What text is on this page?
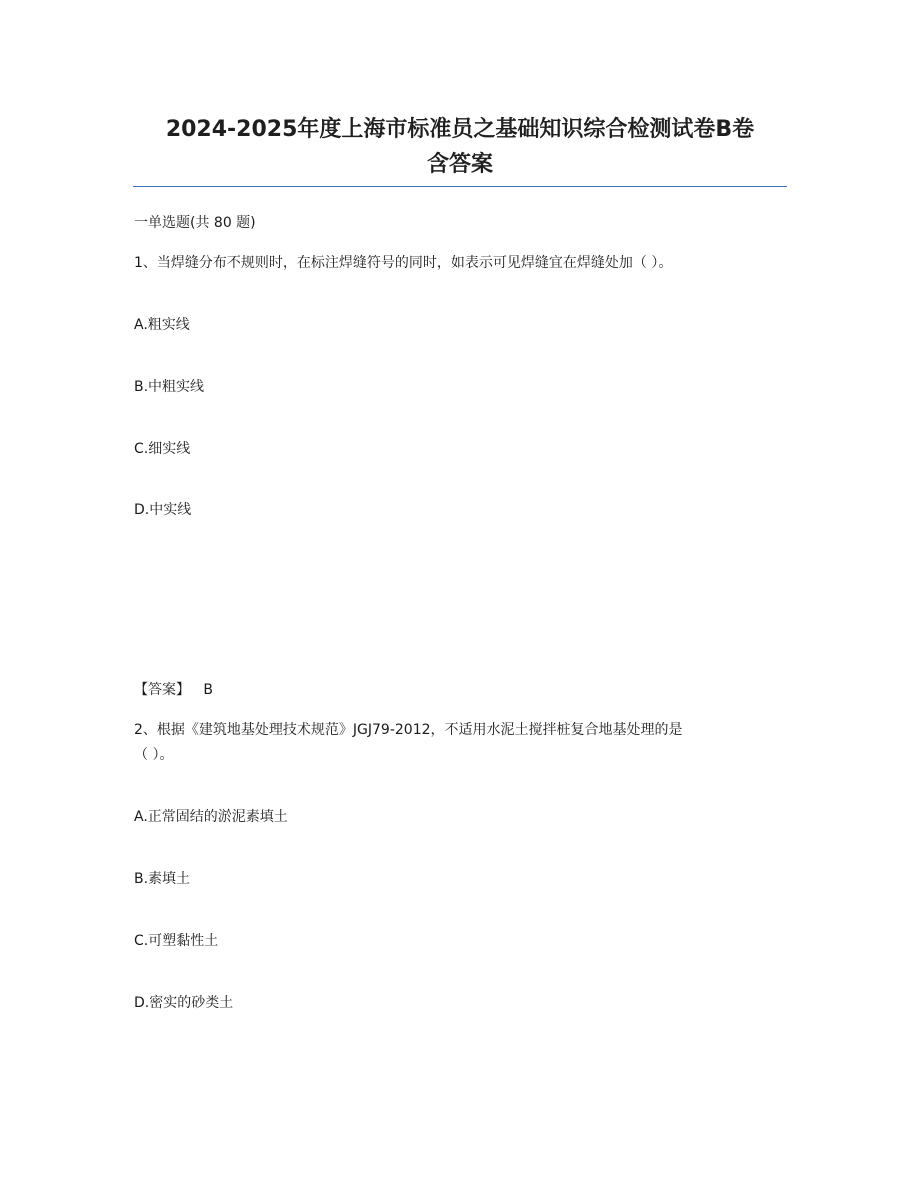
2024-2025年度上海市标准员之基础知识综合检测试卷B卷
含答案

一单选题(共 80 题)

1、当焊缝分布不规则时，在标注焊缝符号的同时，如表示可见焊缝宜在焊缝处加（ ）。

A.粗实线

B.中粗实线

C.细实线

D.中实线

【答案】 B

2、根据《建筑地基处理技术规范》JGJ79-2012，不适用水泥土搅拌桩复合地基处理的是

（ ）。

A.正常固结的淤泥素填土

B.素填土

C.可塑黏性土

D.密实的砂类土
